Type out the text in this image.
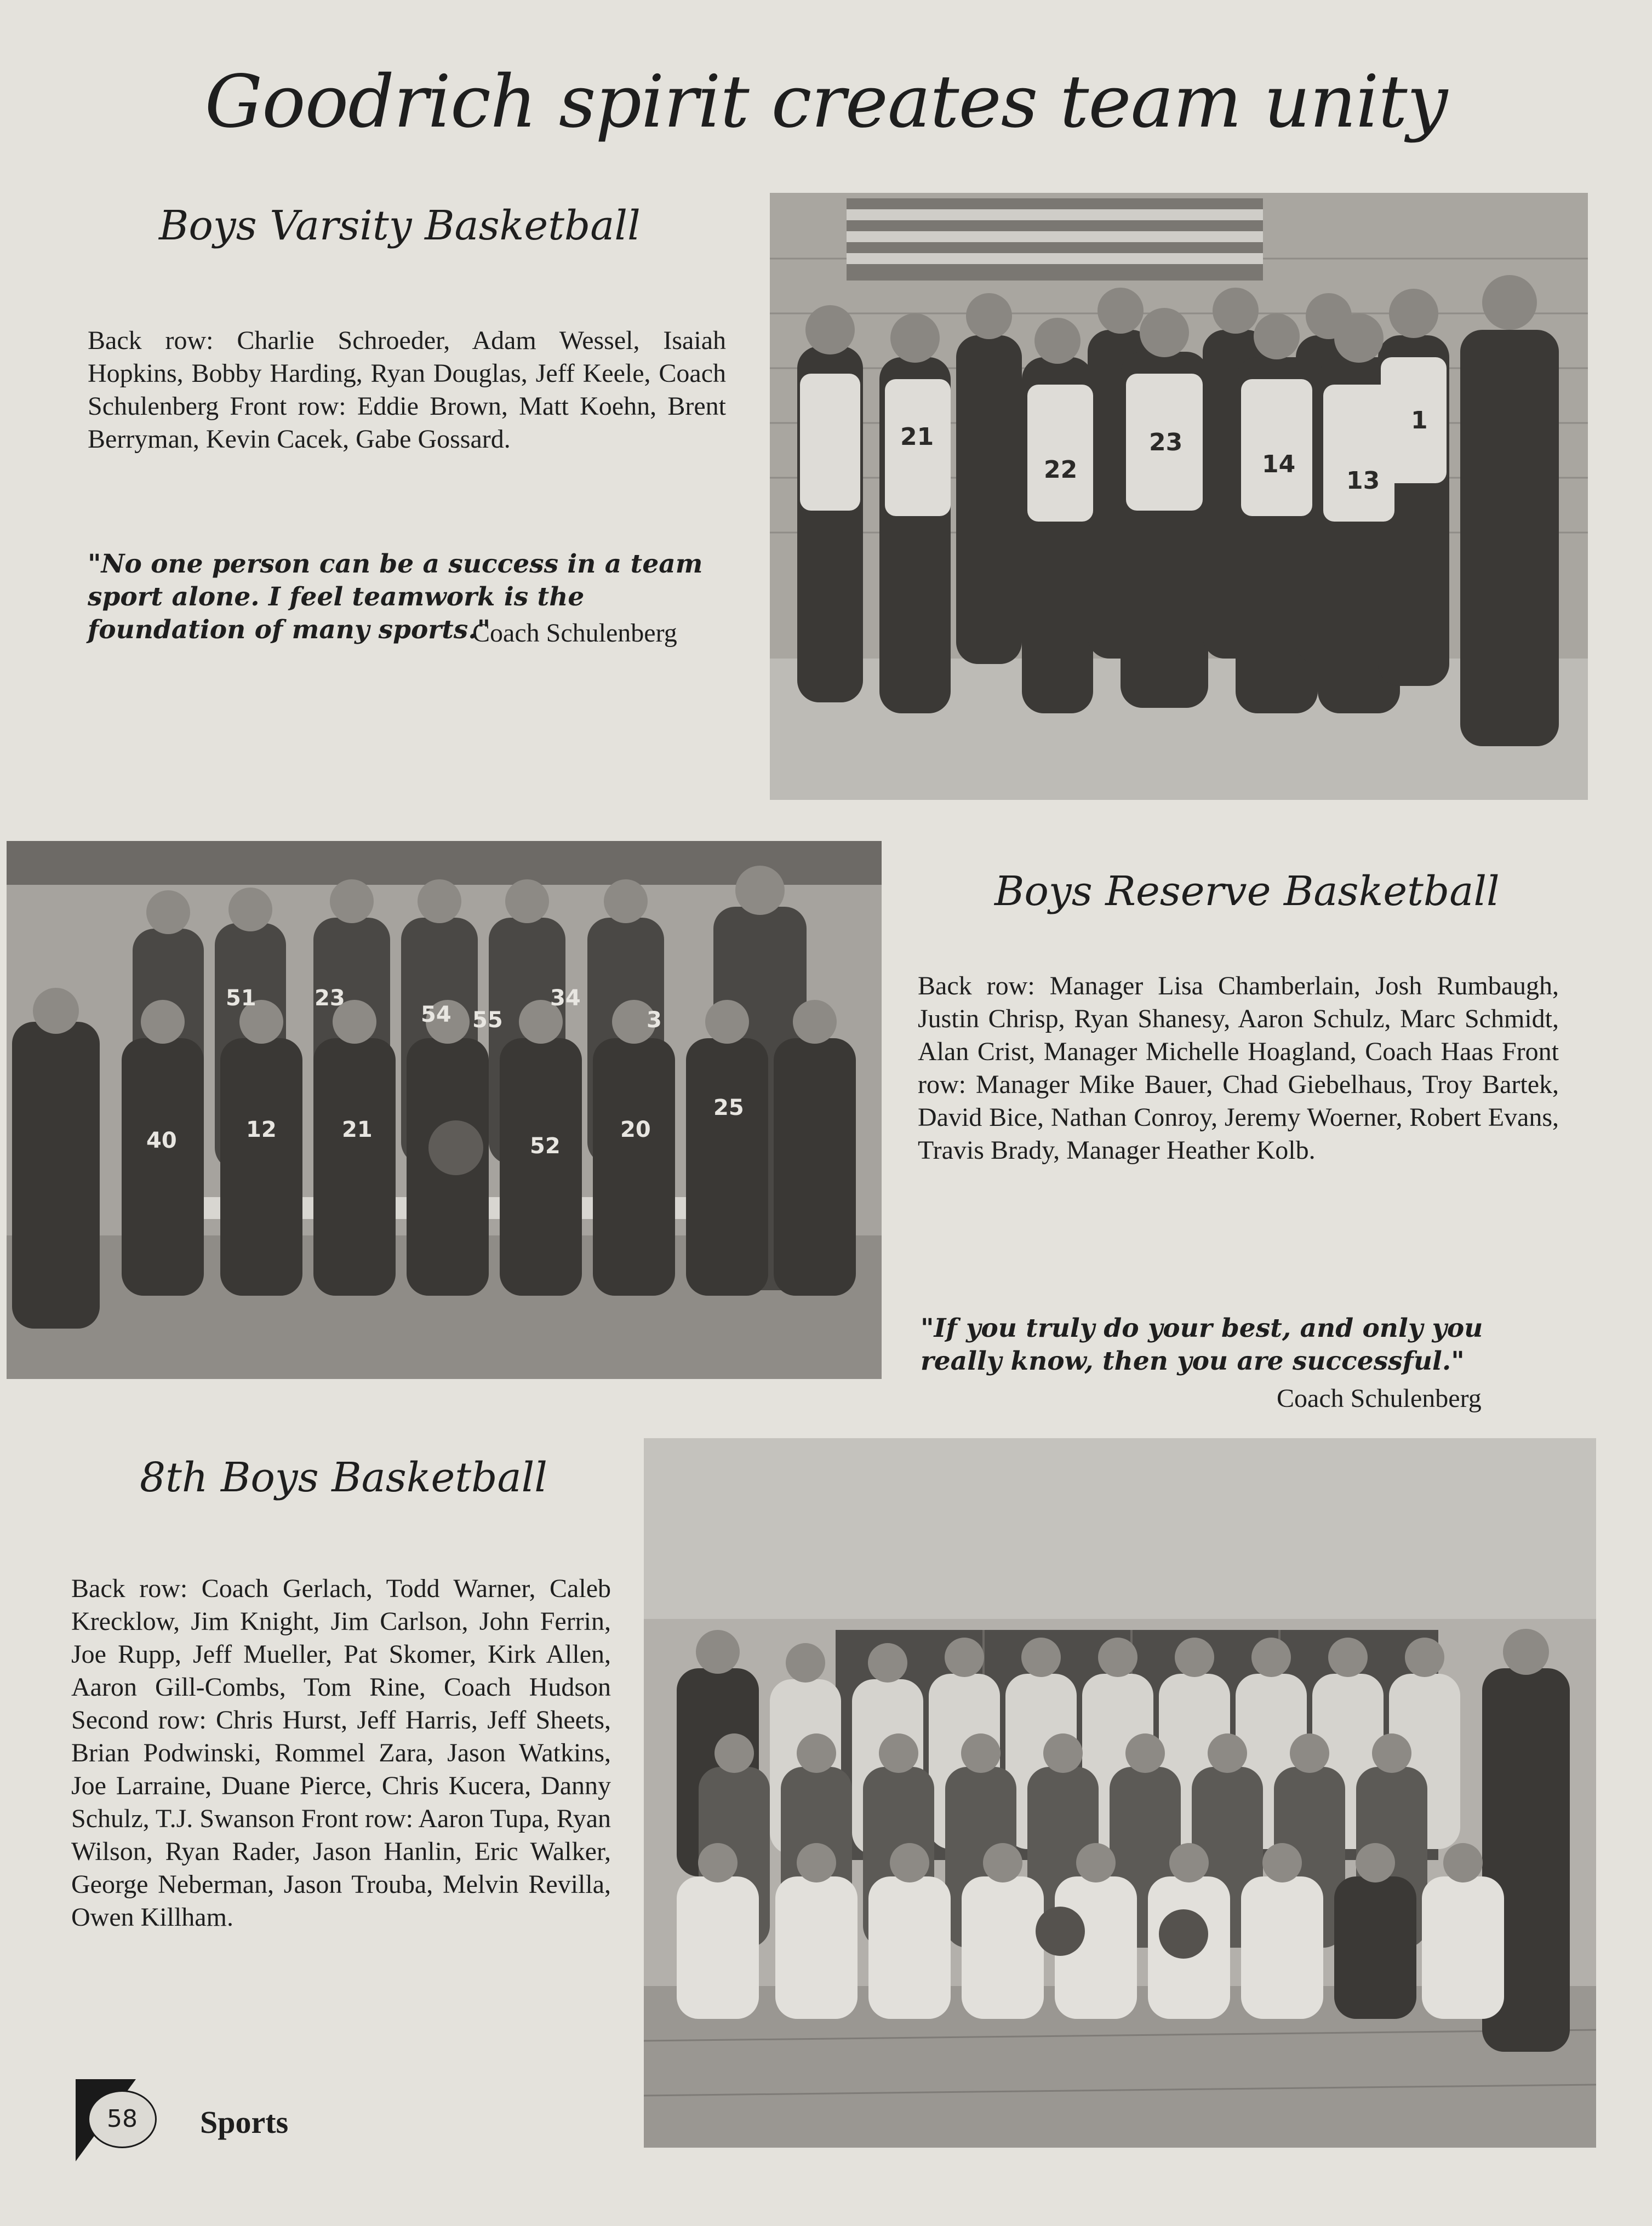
Goodrich spirit creates team unity
Boys Varsity Basketball
Back row: Charlie Schroeder, Adam Wessel, Isaiah Hopkins, Bobby Harding, Ryan Douglas, Jeff Keele, Coach Schulenberg Front row: Eddie Brown, Matt Koehn, Brent Berryman, Kevin Cacek, Gabe Gossard.
"No one person can be a success in a team sport alone. I feel teamwork is the foundation of many sports."
Coach Schulenberg
21
22
23
14
13
1
51	23
54 55
34
3
40	12	21
52
20
25
Boys Reserve Basketball
Back row: Manager Lisa Chamberlain, Josh Rumbaugh, Justin Chrisp, Ryan Shanesy, Aaron Schulz, Marc Schmidt, Alan Crist, Manager Michelle Hoagland, Coach Haas Front row: Manager Mike Bauer, Chad Giebelhaus, Troy Bartek, David Bice, Nathan Conroy, Jeremy Woerner, Robert Evans, Travis Brady, Manager Heather Kolb.
"If you truly do your best, and only you really know, then you are successful."
Coach Schulenberg
8th Boys Basketball
Back row: Coach Gerlach, Todd Warner, Caleb Krecklow, Jim Knight, Jim Carlson, John Ferrin, Joe Rupp, Jeff Mueller, Pat Skomer, Kirk Allen, Aaron Gill-Combs, Tom Rine, Coach Hudson Second row: Chris Hurst, Jeff Harris, Jeff Sheets, Brian Podwinski, Rommel Zara, Jason Watkins, Joe Larraine, Duane Pierce, Chris Kucera, Danny Schulz, T.J. Swanson Front row: Aaron Tupa, Ryan Wilson, Ryan Rader, Jason Hanlin, Eric Walker, George Neberman, Jason Trouba, Melvin Revilla, Owen Killham.
58 Sports
